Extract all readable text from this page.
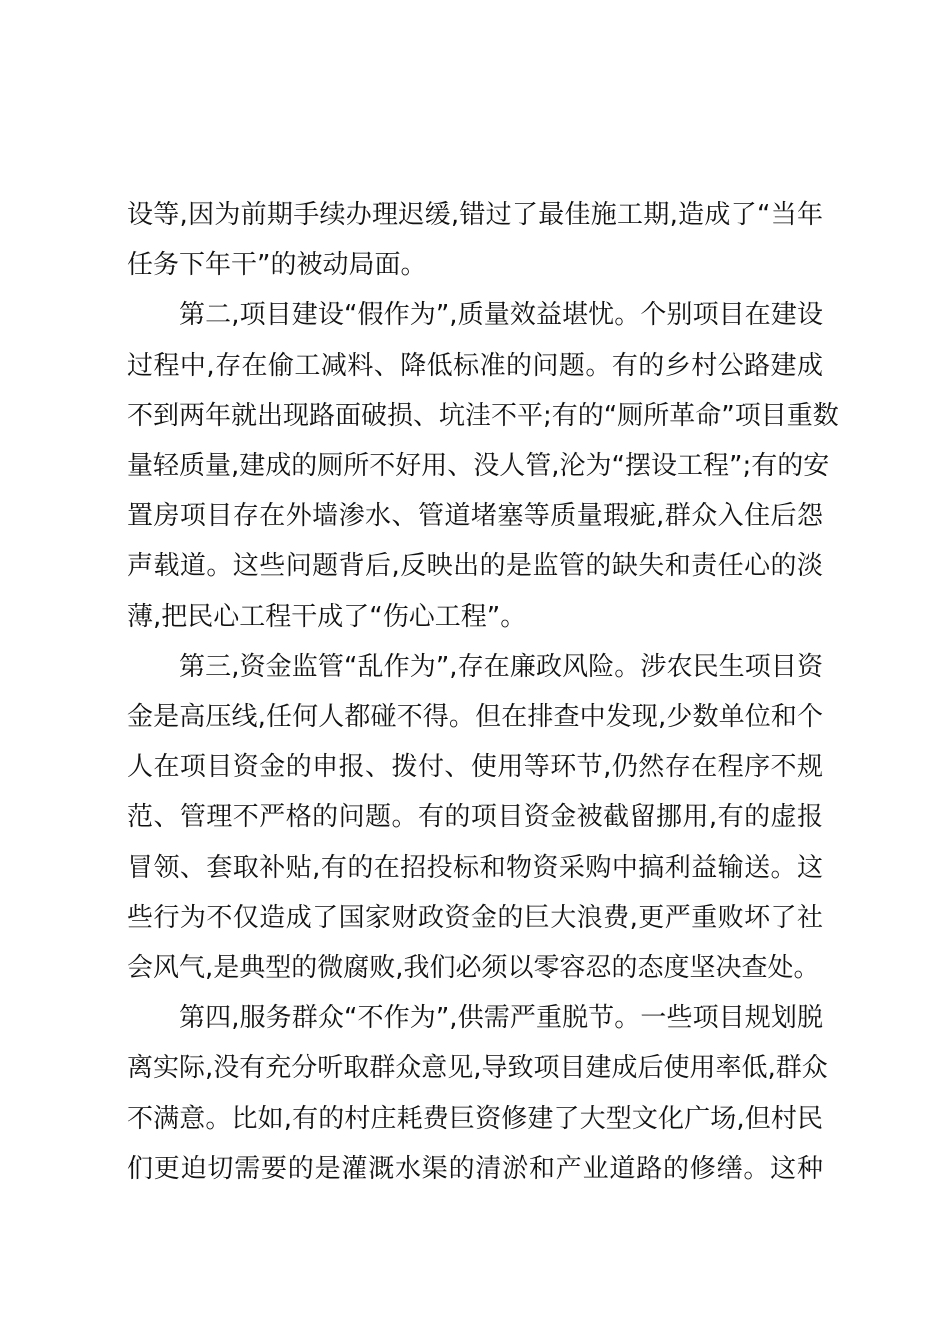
设等,因为前期手续办理迟缓,错过了最佳施工期,造成了“当年
任务下年干”的被动局面。

第二,项目建设“假作为”,质量效益堪忧。个别项目在建设
过程中,存在偷工减料、降低标准的问题。有的乡村公路建成
不到两年就出现路面破损、坑洼不平;有的“厕所革命”项目重数
量轻质量,建成的厕所不好用、没人管,沦为“摆设工程”;有的安
置房项目存在外墙渗水、管道堵塞等质量瑕疵,群众入住后怨
声载道。这些问题背后,反映出的是监管的缺失和责任心的淡
薄,把民心工程干成了“伤心工程”。

第三,资金监管“乱作为”,存在廉政风险。涉农民生项目资
金是高压线,任何人都碰不得。但在排查中发现,少数单位和个
人在项目资金的申报、拨付、使用等环节,仍然存在程序不规
范、管理不严格的问题。有的项目资金被截留挪用,有的虚报
冒领、套取补贴,有的在招投标和物资采购中搞利益输送。这
些行为不仅造成了国家财政资金的巨大浪费,更严重败坏了社
会风气,是典型的微腐败,我们必须以零容忍的态度坚决查处。

第四,服务群众“不作为”,供需严重脱节。一些项目规划脱
离实际,没有充分听取群众意见,导致项目建成后使用率低,群众
不满意。比如,有的村庄耗费巨资修建了大型文化广场,但村民
们更迫切需要的是灌溉水渠的清淤和产业道路的修缮。这种
